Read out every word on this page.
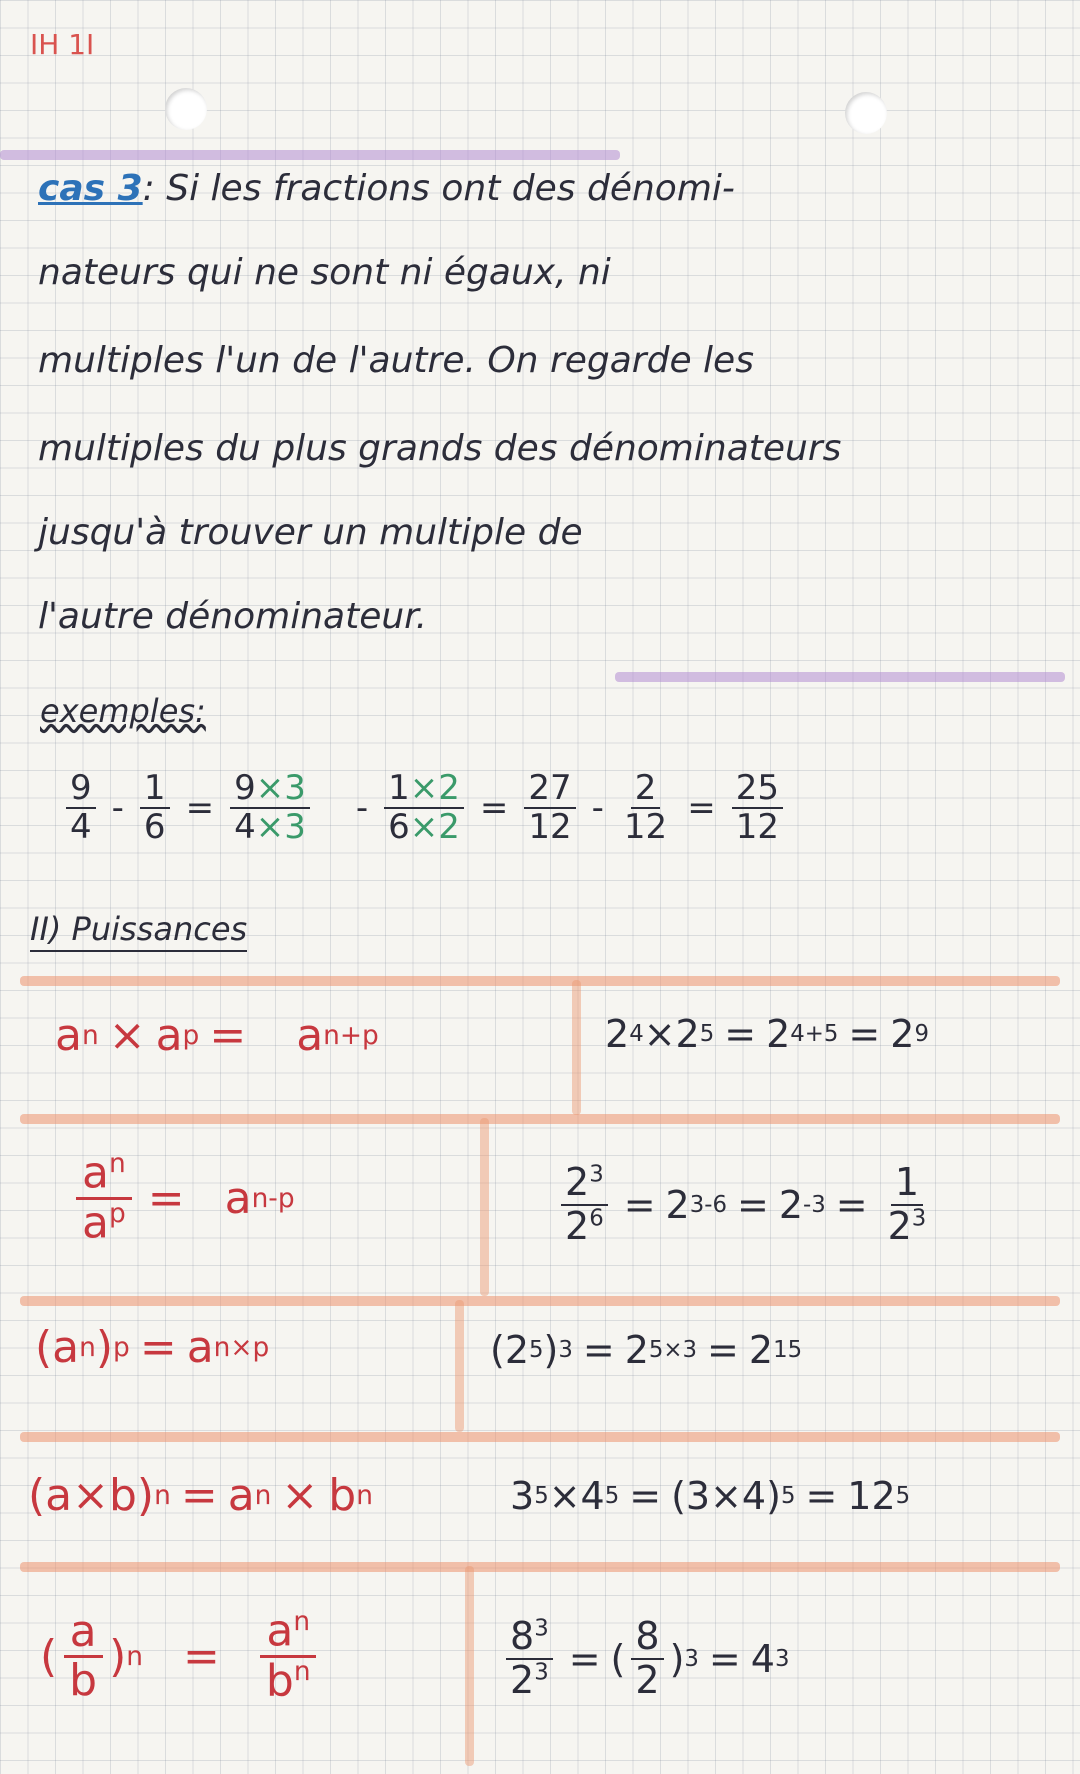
IH 1I
cas 3: Si les fractions ont des dénomi-
nateurs qui ne sont ni égaux, ni
multiples l'un de l'autre. On regarde les
multiples du plus grands des dénominateurs
jusqu'à trouver un multiple de
l'autre dénominateur.
exemples:
$\frac{9}{4} - \frac{1}{6} = \frac{9\times 3}{4\times 3} - \frac{1\times 2}{6\times 2} = \frac{27}{12} - \frac{2}{12} = \frac{25}{12}$
II) Puissances
a n × a p = a n+p	2 4 × 2 5 = 2 4+5 = 2 9
$\frac{a^n}{a^p} = a$ n-p	$\frac{2^3}{2^6} = 2$ 3-6 = 2 $-3 = \frac{1}{2^3}$
(a n ) p = a n×p	(2 5 ) 3 = 2 5×3 = 2 15
(a×b) n = a n × b n	3 5 × 4 5 = (3×4) 5 = 12 5
( $\frac{a}{b}$ ) $n = \frac{a^n}{b^n}$	$\frac{8^3}{2^3}$ = ( $\frac{8}{2}$ ) 3 = 4 3
